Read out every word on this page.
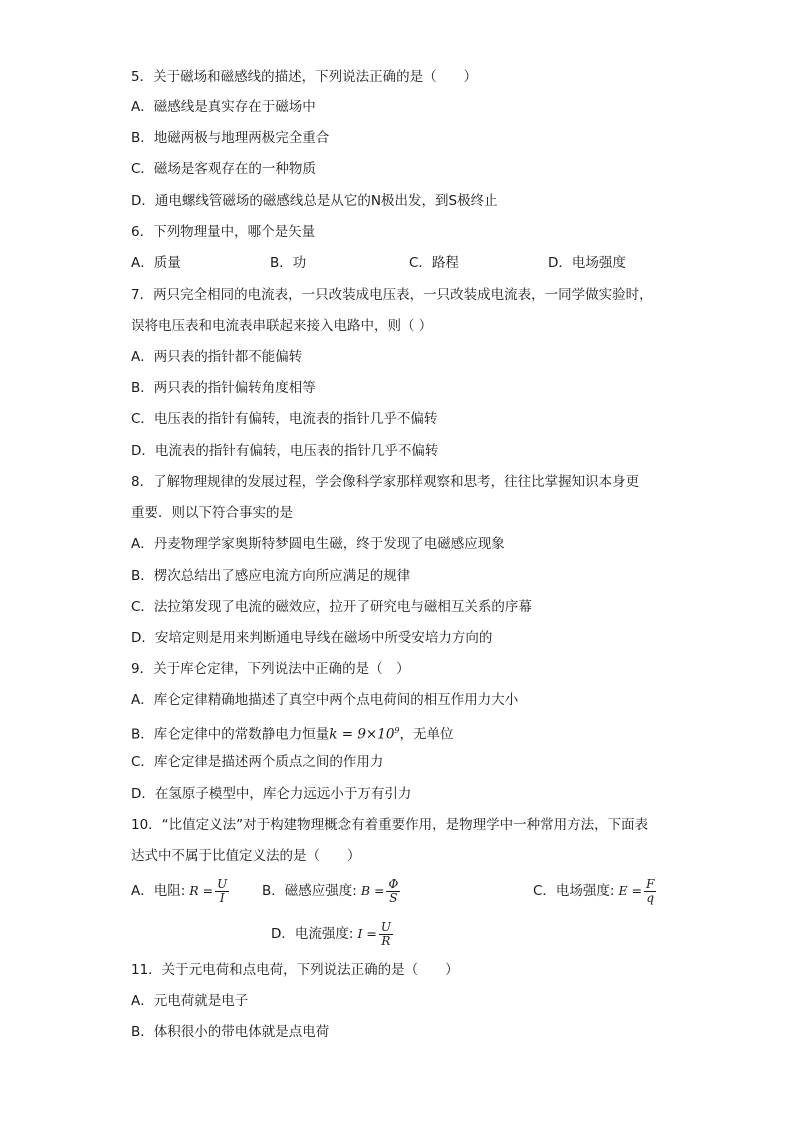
5．关于磁场和磁感线的描述，下列说法正确的是（　　）
A．磁感线是真实存在于磁场中
B．地磁两极与地理两极完全重合
C．磁场是客观存在的一种物质
D．通电螺线管磁场的磁感线总是从它的N极出发，到S极终止
6．下列物理量中，哪个是矢量
A．质量	B．功	C．路程	D．电场强度
7．两只完全相同的电流表，一只改装成电压表，一只改装成电流表，一同学做实验时，
误将电压表和电流表串联起来接入电路中，则（ ）
A．两只表的指针都不能偏转
B．两只表的指针偏转角度相等
C．电压表的指针有偏转，电流表的指针几乎不偏转
D．电流表的指针有偏转，电压表的指针几乎不偏转
8．了解物理规律的发展过程，学会像科学家那样观察和思考，往往比掌握知识本身更
重要．则以下符合事实的是
A．丹麦物理学家奥斯特梦圆电生磁，终于发现了电磁感应现象
B．楞次总结出了感应电流方向所应满足的规律
C．法拉第发现了电流的磁效应，拉开了研究电与磁相互关系的序幕
D．安培定则是用来判断通电导线在磁场中所受安培力方向的
9．关于库仑定律，下列说法中正确的是（　）
A．库仑定律精确地描述了真空中两个点电荷间的相互作用力大小
B．库仑定律中的常数静电力恒量$k = 9\times 10^9$，无单位
C．库仑定律是描述两个质点之间的作用力
D．在氢原子模型中，库仑力远远小于万有引力
10．“比值定义法”对于构建物理概念有着重要作用，是物理学中一种常用方法，下面表
达式中不属于比值定义法的是（　　）
A．电阻: $R = \frac{U}{I}$ B．磁感应强度: $B = \frac{\Phi}{S}$	C．电场强度: $E = \frac{F}{q}$
D．电流强度: $I = \frac{U}{R}$
11．关于元电荷和点电荷，下列说法正确的是（　　）
A．元电荷就是电子
B．体积很小的带电体就是点电荷
